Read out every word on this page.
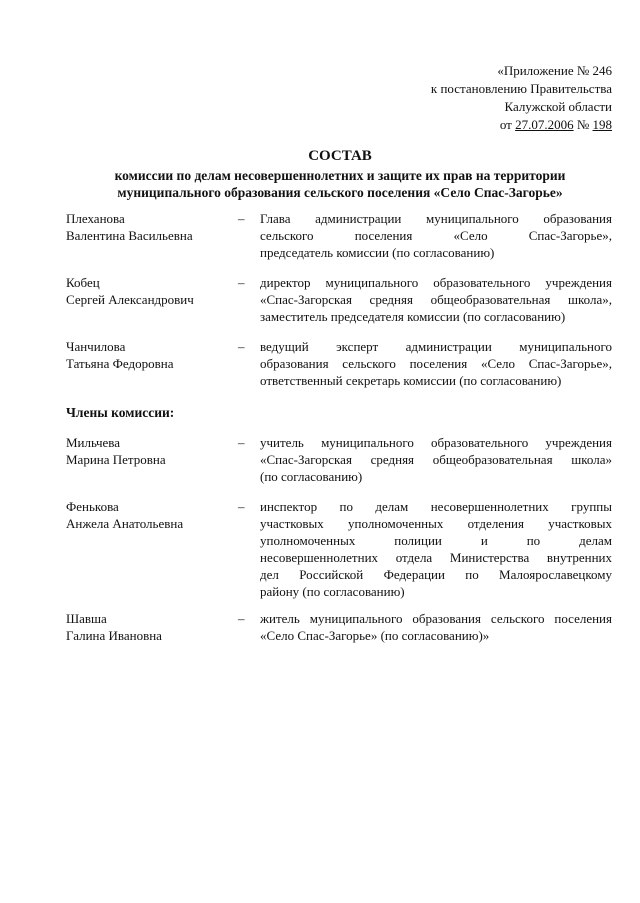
«Приложение № 246
к постановлению Правительства
Калужской области
от 27.07.2006 № 198
СОСТАВ
комиссии по делам несовершеннолетних и защите их прав на территории
муниципального образования сельского поселения «Село Спас-Загорье»
Плеханова
Валентина Васильевна
– Глава администрации муниципального образования
сельского поселения «Село Спас-Загорье»,
председатель комиссии (по согласованию)
Кобец
Сергей Александрович
– директор муниципального образовательного учреждения
«Спас-Загорская средняя общеобразовательная школа»,
заместитель председателя комиссии (по согласованию)
Чанчилова
Татьяна Федоровна
– ведущий эксперт администрации муниципального
образования сельского поселения «Село Спас-Загорье»,
ответственный секретарь комиссии (по согласованию)
Члены комиссии:
Мильчева
Марина Петровна
– учитель муниципального образовательного учреждения
«Спас-Загорская средняя общеобразовательная школа»
(по согласованию)
Фенькова
Анжела Анатольевна
– инспектор по делам несовершеннолетних группы
участковых уполномоченных отделения участковых
уполномоченных полиции и по делам
несовершеннолетних отдела Министерства внутренних
дел Российской Федерации по Малоярославецкому
району (по согласованию)
Шавша
Галина Ивановна
– житель муниципального образования сельского поселения
«Село Спас-Загорье» (по согласованию)»
